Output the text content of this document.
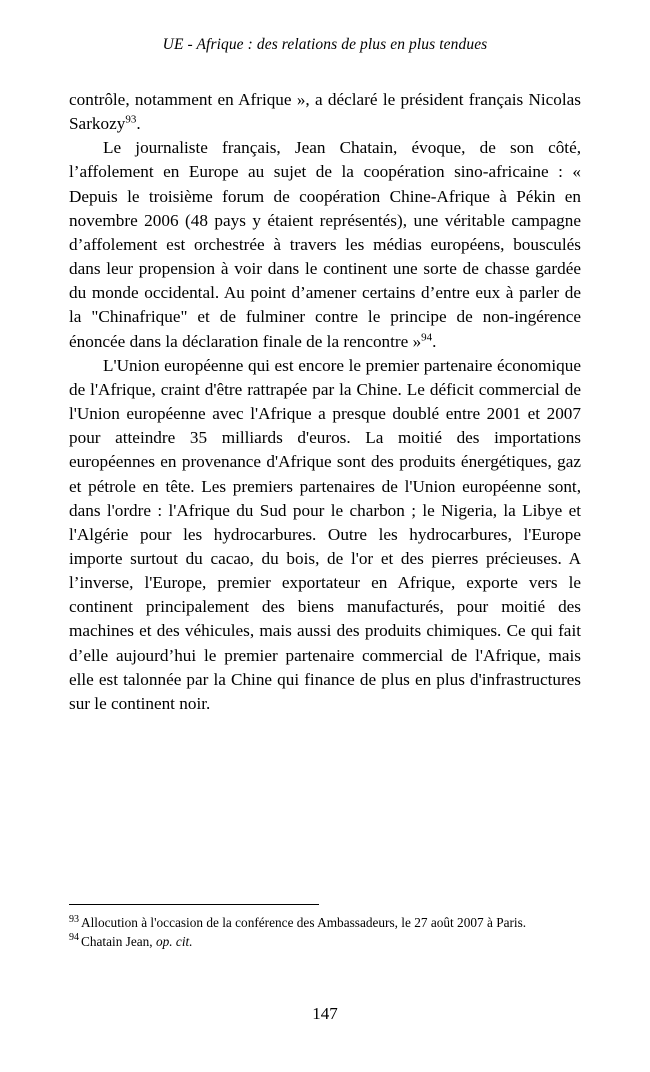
UE - Afrique : des relations de plus en plus tendues

contrôle, notamment en Afrique », a déclaré le président français Nicolas Sarkozy$^{93}$.

Le journaliste français, Jean Chatain, évoque, de son côté, l’affolement en Europe au sujet de la coopération sino-africaine : « Depuis le troisième forum de coopération Chine-Afrique à Pékin en novembre 2006 (48 pays y étaient représentés), une véritable campagne d’affolement est orchestrée à travers les médias européens, bousculés dans leur propension à voir dans le continent une sorte de chasse gardée du monde occidental. Au point d’amener certains d’entre eux à parler de la "Chinafrique" et de fulminer contre le principe de non-ingérence énoncée dans la déclaration finale de la rencontre »$^{94}$.

L'Union européenne qui est encore le premier partenaire économique de l'Afrique, craint d'être rattrapée par la Chine. Le déficit commercial de l'Union européenne avec l'Afrique a presque doublé entre 2001 et 2007 pour atteindre 35 milliards d'euros. La moitié des importations européennes en provenance d'Afrique sont des produits énergétiques, gaz et pétrole en tête. Les premiers partenaires de l'Union européenne sont, dans l'ordre : l'Afrique du Sud pour le charbon ; le Nigeria, la Libye et l'Algérie pour les hydrocarbures. Outre les hydrocarbures, l'Europe importe surtout du cacao, du bois, de l'or et des pierres précieuses. A l’inverse, l'Europe, premier exportateur en Afrique, exporte vers le continent principalement des biens manufacturés, pour moitié des machines et des véhicules, mais aussi des produits chimiques. Ce qui fait d’elle aujourd’hui le premier partenaire commercial de l'Afrique, mais elle est talonnée par la Chine qui finance de plus en plus d'infrastructures sur le continent noir.

$^{93}$ Allocution à l'occasion de la conférence des Ambassadeurs, le 27 août 2007 à Paris.

$^{94}$ Chatain Jean, op. cit.

147
